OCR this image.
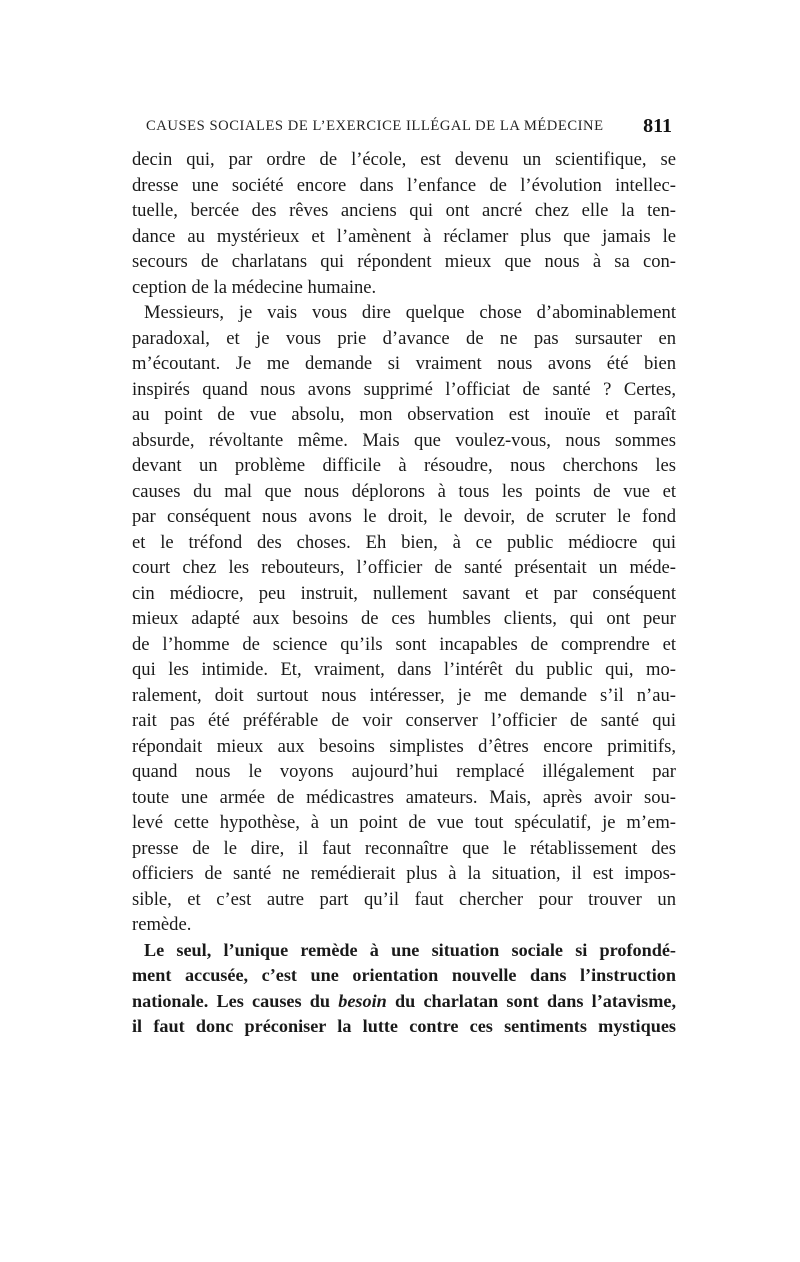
CAUSES SOCIALES DE L’EXERCICE ILLÉGAL DE LA MÉDECINE 811
decin qui, par ordre de l’école, est devenu un scientifique, se
dresse une société encore dans l’enfance de l’évolution intellec-
tuelle, bercée des rêves anciens qui ont ancré chez elle la ten-
dance au mystérieux et l’amènent à réclamer plus que jamais le
secours de charlatans qui répondent mieux que nous à sa con-
ception de la médecine humaine.
Messieurs, je vais vous dire quelque chose d’abominablement
paradoxal, et je vous prie d’avance de ne pas sursauter en
m’écoutant. Je me demande si vraiment nous avons été bien
inspirés quand nous avons supprimé l’officiat de santé ? Certes,
au point de vue absolu, mon observation est inouïe et paraît
absurde, révoltante même. Mais que voulez-vous, nous sommes
devant un problème difficile à résoudre, nous cherchons les
causes du mal que nous déplorons à tous les points de vue et
par conséquent nous avons le droit, le devoir, de scruter le fond
et le tréfond des choses. Eh bien, à ce public médiocre qui
court chez les rebouteurs, l’officier de santé présentait un méde-
cin médiocre, peu instruit, nullement savant et par conséquent
mieux adapté aux besoins de ces humbles clients, qui ont peur
de l’homme de science qu’ils sont incapables de comprendre et
qui les intimide. Et, vraiment, dans l’intérêt du public qui, mo-
ralement, doit surtout nous intéresser, je me demande s’il n’au-
rait pas été préférable de voir conserver l’officier de santé qui
répondait mieux aux besoins simplistes d’êtres encore primitifs,
quand nous le voyons aujourd’hui remplacé illégalement par
toute une armée de médicastres amateurs. Mais, après avoir sou-
levé cette hypothèse, à un point de vue tout spéculatif, je m’em-
presse de le dire, il faut reconnaître que le rétablissement des
officiers de santé ne remédierait plus à la situation, il est impos-
sible, et c’est autre part qu’il faut chercher pour trouver un
remède.
Le seul, l’unique remède à une situation sociale si profondé-
ment accusée, c’est une orientation nouvelle dans l’instruction
nationale. Les causes du besoin du charlatan sont dans l’atavisme,
il faut donc préconiser la lutte contre ces sentiments mystiques
